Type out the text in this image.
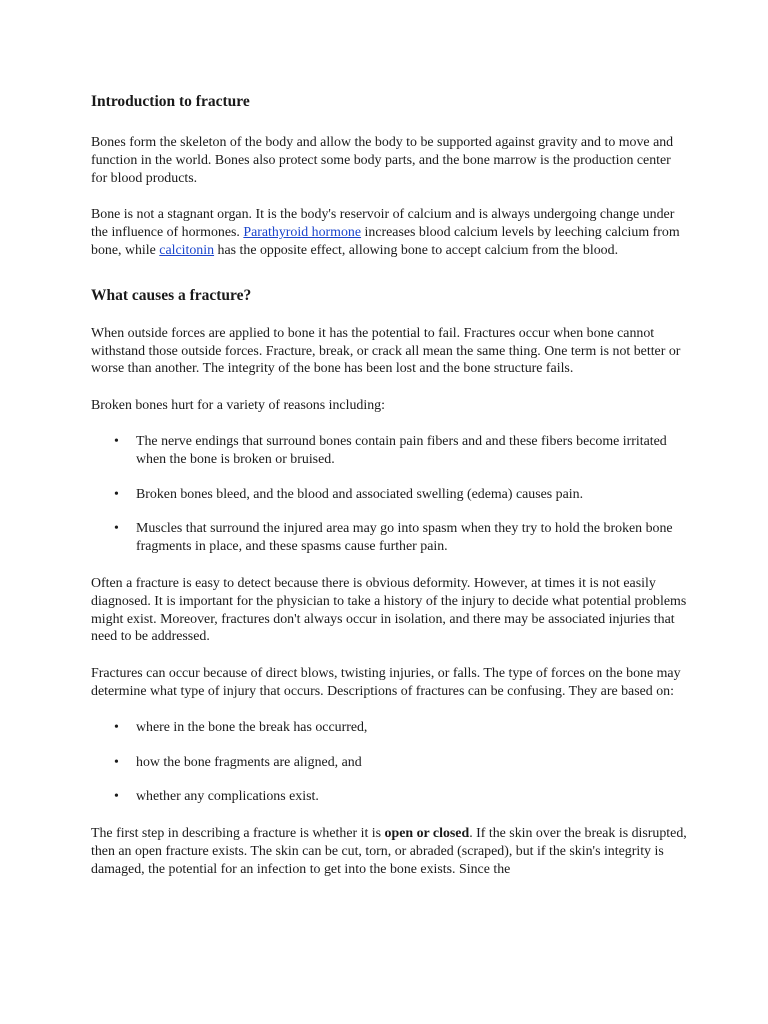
Introduction to fracture

Bones form the skeleton of the body and allow the body to be supported against gravity and to move and function in the world. Bones also protect some body parts, and the bone marrow is the production center for blood products.

Bone is not a stagnant organ. It is the body's reservoir of calcium and is always undergoing change under the influence of hormones. Parathyroid hormone increases blood calcium levels by leeching calcium from bone, while calcitonin has the opposite effect, allowing bone to accept calcium from the blood.

What causes a fracture?

When outside forces are applied to bone it has the potential to fail. Fractures occur when bone cannot withstand those outside forces. Fracture, break, or crack all mean the same thing. One term is not better or worse than another. The integrity of the bone has been lost and the bone structure fails.

Broken bones hurt for a variety of reasons including:

• The nerve endings that surround bones contain pain fibers and and these fibers become irritated when the bone is broken or bruised.
• Broken bones bleed, and the blood and associated swelling (edema) causes pain.
• Muscles that surround the injured area may go into spasm when they try to hold the broken bone fragments in place, and these spasms cause further pain.

Often a fracture is easy to detect because there is obvious deformity. However, at times it is not easily diagnosed. It is important for the physician to take a history of the injury to decide what potential problems might exist. Moreover, fractures don't always occur in isolation, and there may be associated injuries that need to be addressed.

Fractures can occur because of direct blows, twisting injuries, or falls. The type of forces on the bone may determine what type of injury that occurs. Descriptions of fractures can be confusing. They are based on:

• where in the bone the break has occurred,
• how the bone fragments are aligned, and
• whether any complications exist.

The first step in describing a fracture is whether it is open or closed. If the skin over the break is disrupted, then an open fracture exists. The skin can be cut, torn, or abraded (scraped), but if the skin's integrity is damaged, the potential for an infection to get into the bone exists. Since the
